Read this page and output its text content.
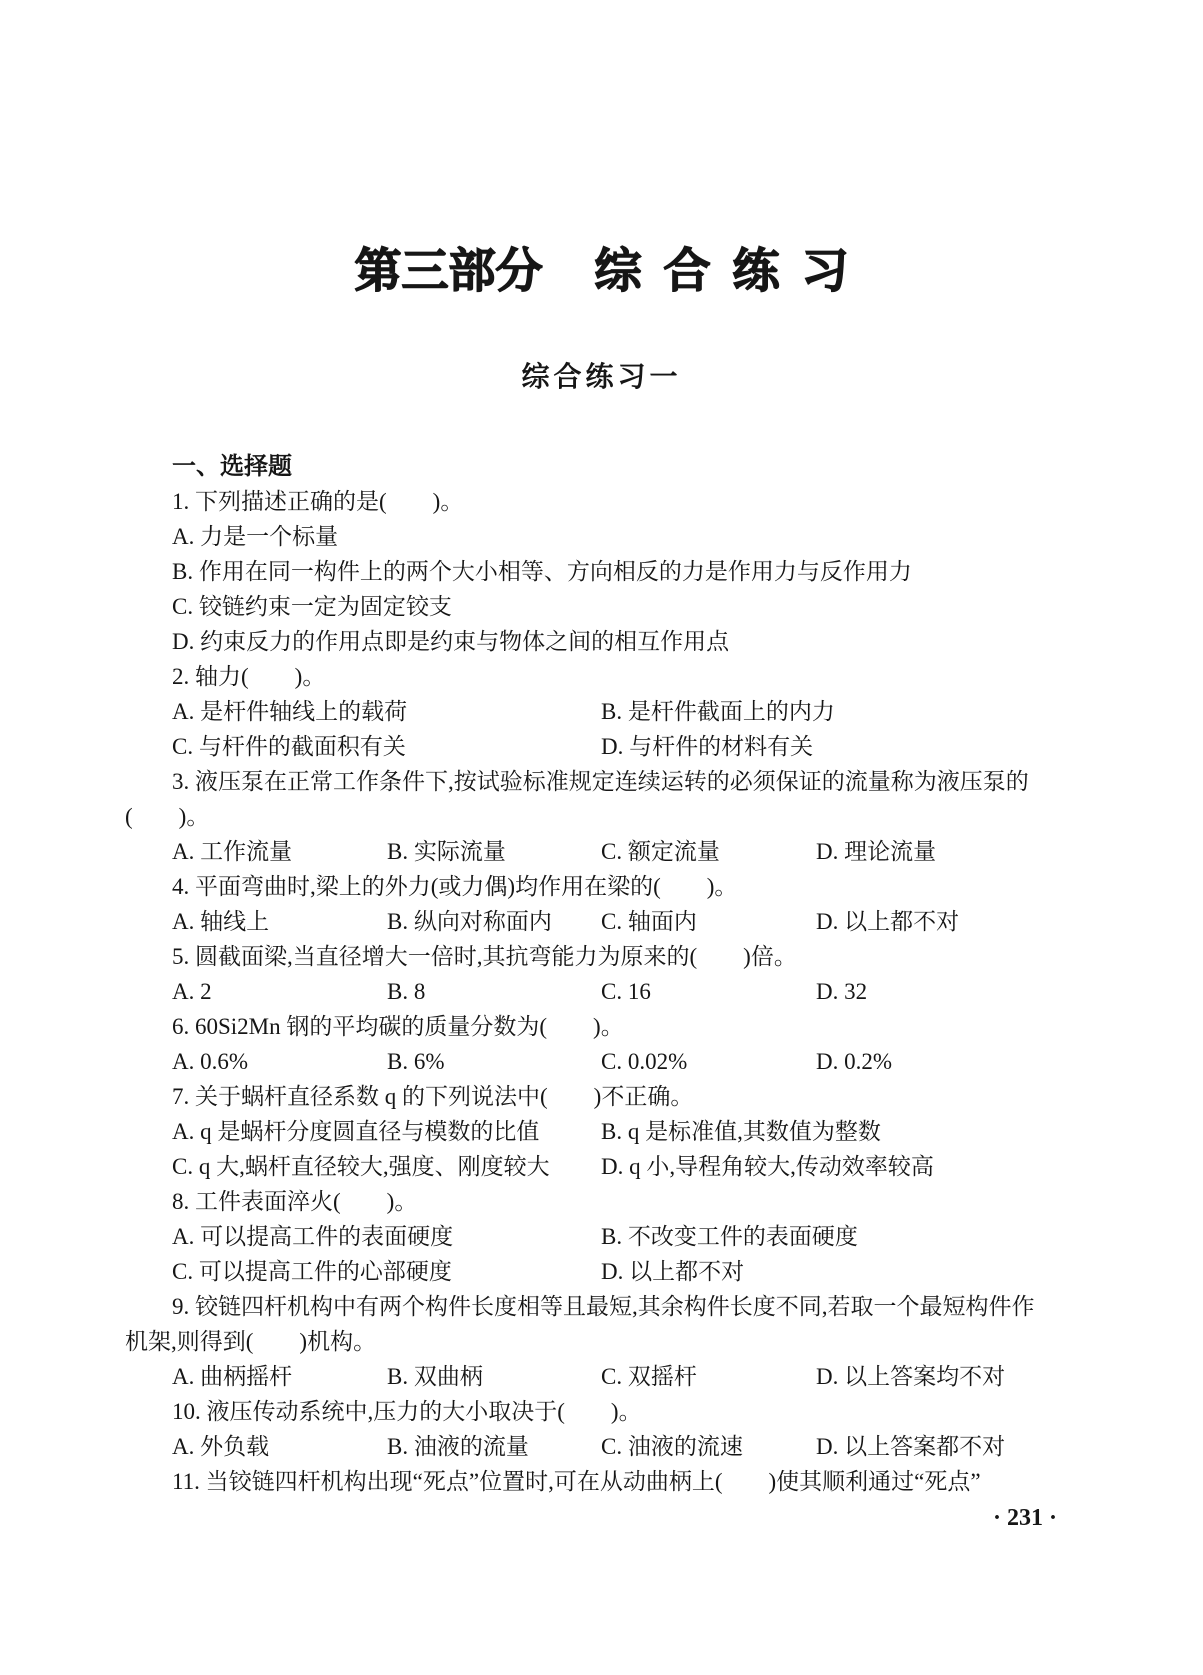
第三部分 综合练习
综合练习一
一、选择题
1. 下列描述正确的是(　　)。
A. 力是一个标量
B. 作用在同一构件上的两个大小相等、方向相反的力是作用力与反作用力
C. 铰链约束一定为固定铰支
D. 约束反力的作用点即是约束与物体之间的相互作用点
2. 轴力(　　)。
A. 是杆件轴线上的载荷	B. 是杆件截面上的内力
C. 与杆件的截面积有关	D. 与杆件的材料有关
3. 液压泵在正常工作条件下,按试验标准规定连续运转的必须保证的流量称为液压泵的
(　　)。
A. 工作流量	B. 实际流量	C. 额定流量	D. 理论流量
4. 平面弯曲时,梁上的外力(或力偶)均作用在梁的(　　)。
A. 轴线上	B. 纵向对称面内 C. 轴面内	D. 以上都不对
5. 圆截面梁,当直径增大一倍时,其抗弯能力为原来的(　　)倍。
A. 2	B. 8	C. 16	D. 32
6. 60Si2Mn 钢的平均碳的质量分数为(　　)。
A. 0.6%	B. 6%	C. 0.02%	D. 0.2%
7. 关于蜗杆直径系数 q 的下列说法中(　　)不正确。
A. q 是蜗杆分度圆直径与模数的比值	B. q 是标准值,其数值为整数
C. q 大,蜗杆直径较大,强度、刚度较大 D. q 小,导程角较大,传动效率较高
8. 工件表面淬火(　　)。
A. 可以提高工件的表面硬度	B. 不改变工件的表面硬度
C. 可以提高工件的心部硬度	D. 以上都不对
9. 铰链四杆机构中有两个构件长度相等且最短,其余构件长度不同,若取一个最短构件作
机架,则得到(　　)机构。
A. 曲柄摇杆	B. 双曲柄	C. 双摇杆	D. 以上答案均不对
10. 液压传动系统中,压力的大小取决于(　　)。
A. 外负载	B. 油液的流量	C. 油液的流速	D. 以上答案都不对
11. 当铰链四杆机构出现“死点”位置时,可在从动曲柄上(　　)使其顺利通过“死点”
· 231 ·
